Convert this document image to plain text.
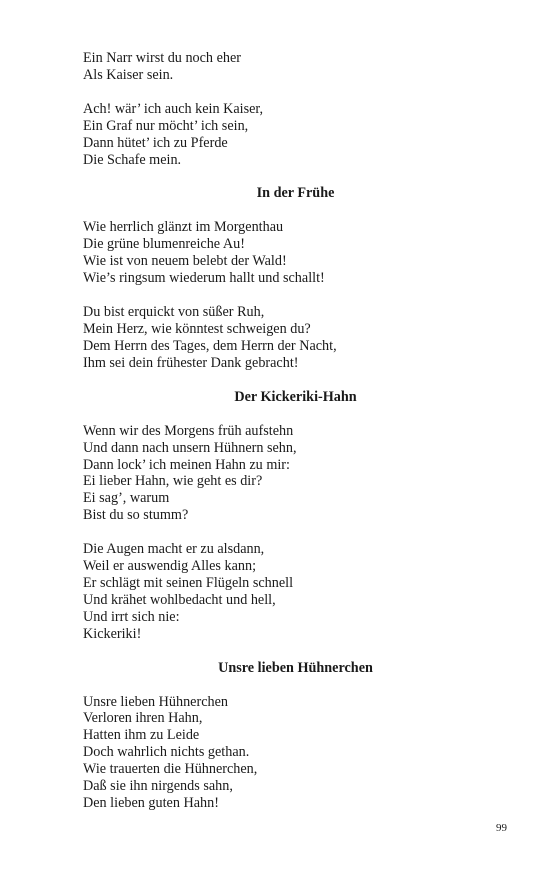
Ein Narr wirst du noch eher
Als Kaiser sein.
Ach! wär’ ich auch kein Kaiser,
Ein Graf nur möcht’ ich sein,
Dann hütet’ ich zu Pferde
Die Schafe mein.
In der Frühe
Wie herrlich glänzt im Morgenthau
Die grüne blumenreiche Au!
Wie ist von neuem belebt der Wald!
Wie’s ringsum wiederum hallt und schallt!
Du bist erquickt von süßer Ruh,
Mein Herz, wie könntest schweigen du?
Dem Herrn des Tages, dem Herrn der Nacht,
Ihm sei dein frühester Dank gebracht!
Der Kickeriki-Hahn
Wenn wir des Morgens früh aufstehn
Und dann nach unsern Hühnern sehn,
Dann lock’ ich meinen Hahn zu mir:
Ei lieber Hahn, wie geht es dir?
Ei sag’, warum
Bist du so stumm?
Die Augen macht er zu alsdann,
Weil er auswendig Alles kann;
Er schlägt mit seinen Flügeln schnell
Und krähet wohlbedacht und hell,
Und irrt sich nie:
Kickeriki!
Unsre lieben Hühnerchen
Unsre lieben Hühnerchen
Verloren ihren Hahn,
Hatten ihm zu Leide
Doch wahrlich nichts gethan.
Wie trauerten die Hühnerchen,
Daß sie ihn nirgends sahn,
Den lieben guten Hahn!
99
